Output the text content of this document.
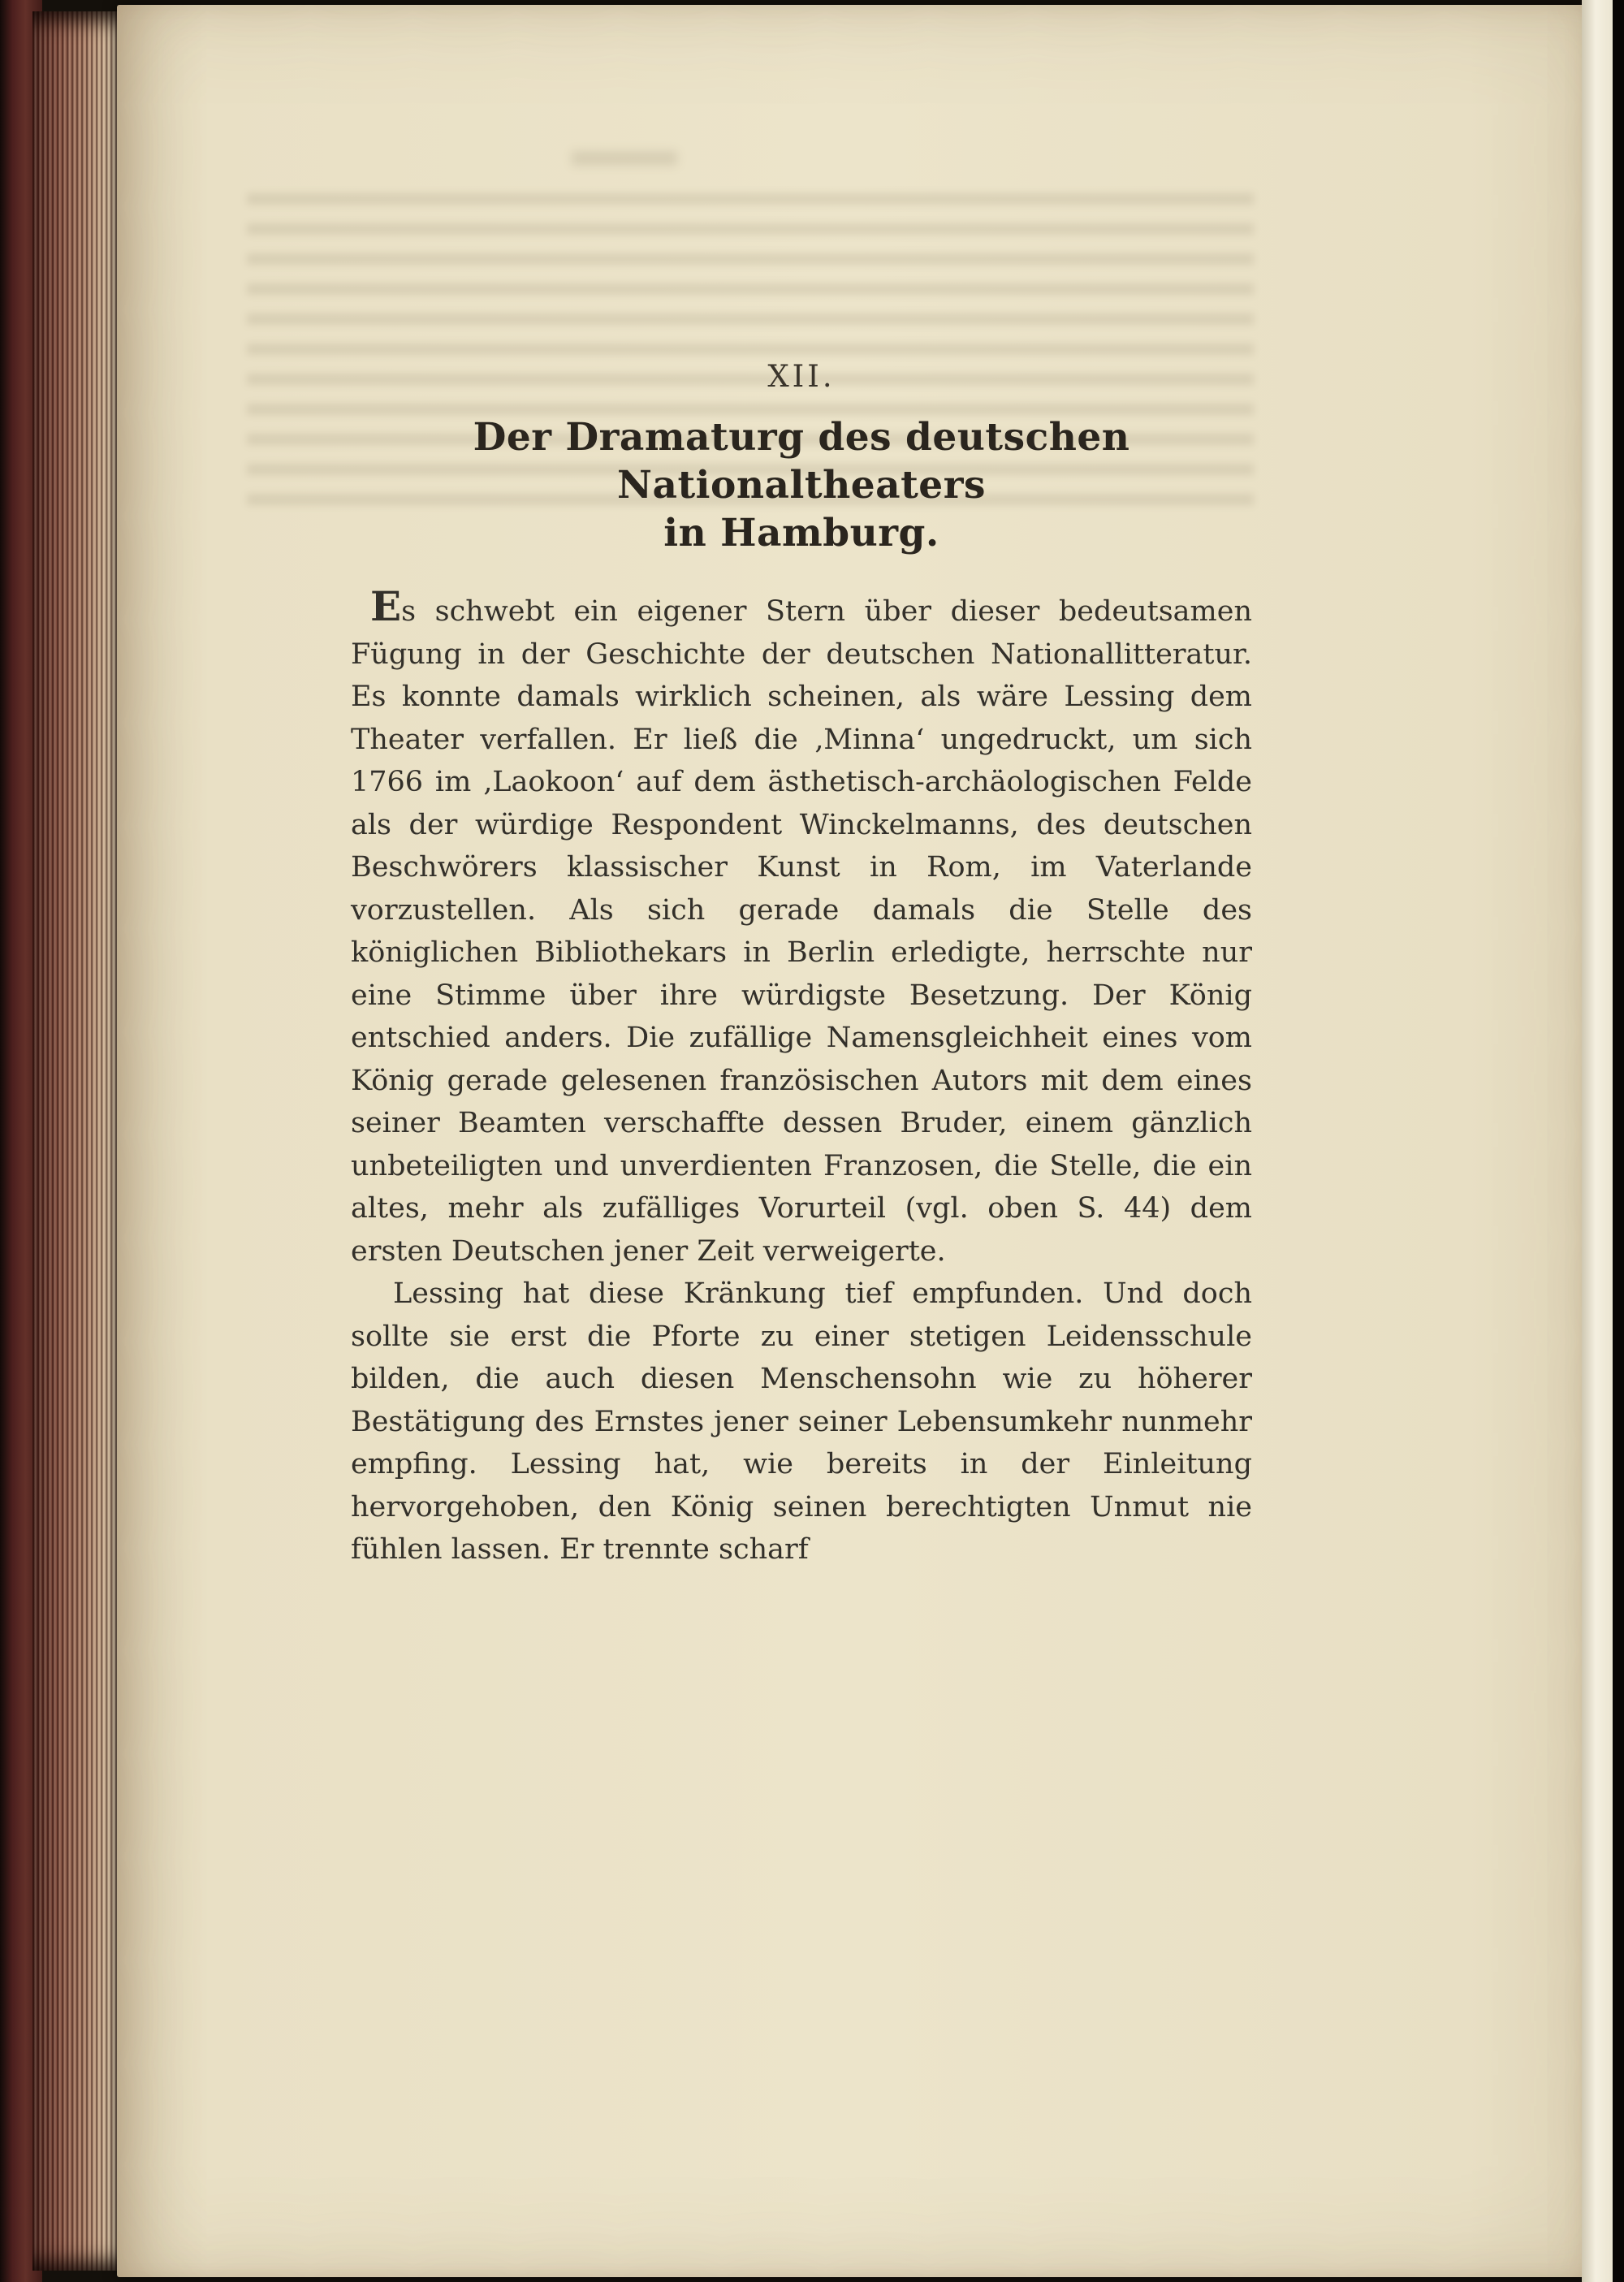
XII.
Der Dramaturg des deutschen Nationaltheaters
in Hamburg.

Es schwebt ein eigener Stern über dieser bedeutsamen Fügung in der Geschichte der deutschen Nationallitteratur. Es konnte damals wirklich scheinen, als wäre Lessing dem Theater verfallen. Er ließ die ‚Minna‘ ungedruckt, um sich 1766 im ‚Laokoon‘ auf dem ästhetisch-archäologischen Felde als der würdige Respondent Winckelmanns, des deutschen Beschwörers klassischer Kunst in Rom, im Vaterlande vorzustellen. Als sich gerade damals die Stelle des königlichen Bibliothekars in Berlin erledigte, herrschte nur eine Stimme über ihre würdigste Besetzung. Der König entschied anders. Die zufällige Namensgleichheit eines vom König gerade gelesenen französischen Autors mit dem eines seiner Beamten verschaffte dessen Bruder, einem gänzlich unbeteiligten und unverdienten Franzosen, die Stelle, die ein altes, mehr als zufälliges Vorurteil (vgl. oben S. 44) dem ersten Deutschen jener Zeit verweigerte.

Lessing hat diese Kränkung tief empfunden. Und doch sollte sie erst die Pforte zu einer stetigen Leidensschule bilden, die auch diesen Menschensohn wie zu höherer Bestätigung des Ernstes jener seiner Lebensumkehr nunmehr empfing. Lessing hat, wie bereits in der Einleitung hervorgehoben, den König seinen berechtigten Unmut nie fühlen lassen. Er trennte scharf
